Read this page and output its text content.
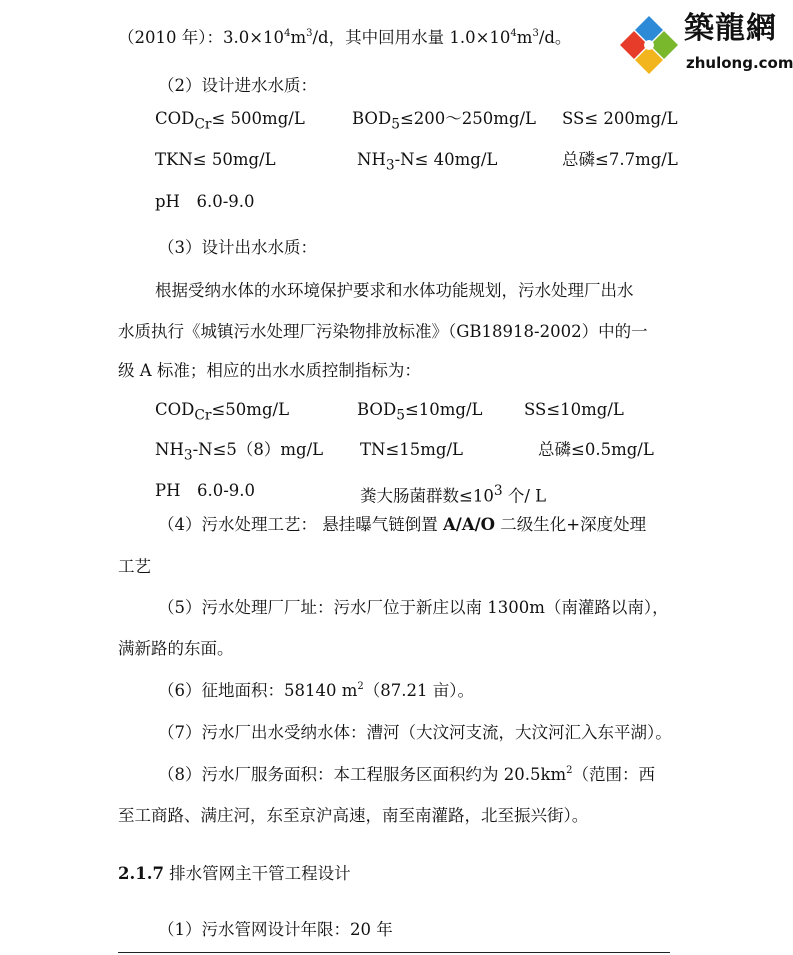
築龍網
zhulong.com
（2010 年）：$3.0\times 10^4m^3/d$，其中回用水量 $1.0\times 10^4m^3/d$。
（2）设计进水水质：
$COD_{Cr}\le 500mg/L$	$BOD_5\le 200\sim 250mg/L$ SS≤ 200mg/L
TKN≤ 50mg/L	$NH_3-N\le 40mg/L$	总磷≤7.7mg/L
pH　6.0-9.0
（3）设计出水水质：
根据受纳水体的水环境保护要求和水体功能规划，污水处理厂出水
水质执行《城镇污水处理厂污染物排放标准》（GB18918-2002）中的一
级 A 标准；相应的出水水质控制指标为：
$COD_{Cr}\le 50mg/L$	$BOD_5\le 10mg/L$	SS≤10mg/L
$NH_3-N\le 5(8)mg/L$ TN≤15mg/L	总磷≤0.5mg/L
PH　6.0-9.0	粪大肠菌群数$\le 10^3$ 个/ L
（4）污水处理工艺： 悬挂曝气链倒置 A/A/O 二级生化+深度处理
工艺
（5）污水处理厂厂址：污水厂位于新庄以南 1300m（南灌路以南），
满新路的东面。
（6）征地面积：58140 $m^2(87.21$ 亩）。
（7）污水厂出水受纳水体：漕河（大汶河支流，大汶河汇入东平湖）。
（8）污水厂服务面积：本工程服务区面积约为 $20.5km^2$（范围：西
至工商路、满庄河，东至京沪高速，南至南灌路，北至振兴街）。
2.1.7 排水管网主干管工程设计
（1）污水管网设计年限：20 年
